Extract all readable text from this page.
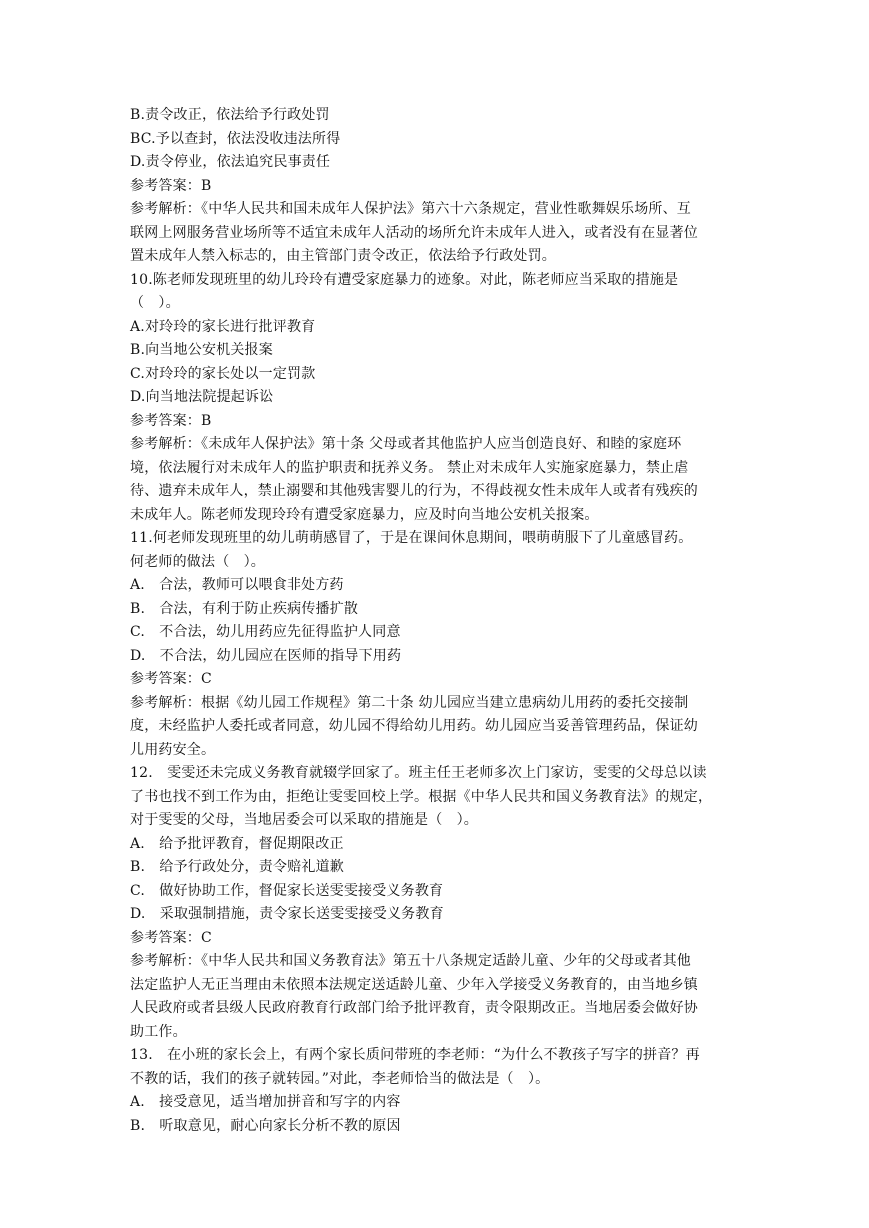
B.责令改正，依法给予行政处罚
BC.予以查封，依法没收违法所得
D.责令停业，依法追究民事责任
参考答案：B
参考解析：《中华人民共和国未成年人保护法》第六十六条规定，营业性歌舞娱乐场所、互
联网上网服务营业场所等不适宜未成年人活动的场所允许未成年人进入，或者没有在显著位
置未成年人禁入标志的，由主管部门责令改正，依法给予行政处罚。
10.陈老师发现班里的幼儿玲玲有遭受家庭暴力的迹象。对此，陈老师应当采取的措施是
（　）。
A.对玲玲的家长进行批评教育
B.向当地公安机关报案
C.对玲玲的家长处以一定罚款
D.向当地法院提起诉讼
参考答案：B
参考解析：《未成年人保护法》第十条 父母或者其他监护人应当创造良好、和睦的家庭环
境，依法履行对未成年人的监护职责和抚养义务。 禁止对未成年人实施家庭暴力，禁止虐
待、遗弃未成年人，禁止溺婴和其他残害婴儿的行为，不得歧视女性未成年人或者有残疾的
未成年人。陈老师发现玲玲有遭受家庭暴力，应及时向当地公安机关报案。
11.何老师发现班里的幼儿萌萌感冒了，于是在课间休息期间，喂萌萌服下了儿童感冒药。
何老师的做法（　）。
A.　合法，教师可以喂食非处方药
B.　合法，有利于防止疾病传播扩散
C.　不合法，幼儿用药应先征得监护人同意
D.　不合法，幼儿园应在医师的指导下用药
参考答案：C
参考解析：根据《幼儿园工作规程》第二十条 幼儿园应当建立患病幼儿用药的委托交接制
度，未经监护人委托或者同意，幼儿园不得给幼儿用药。幼儿园应当妥善管理药品，保证幼
儿用药安全。
12.　雯雯还未完成义务教育就辍学回家了。班主任王老师多次上门家访，雯雯的父母总以读
了书也找不到工作为由，拒绝让雯雯回校上学。根据《中华人民共和国义务教育法》的规定，
对于雯雯的父母，当地居委会可以采取的措施是（　）。
A.　给予批评教育，督促期限改正
B.　给予行政处分，责令赔礼道歉
C.　做好协助工作，督促家长送雯雯接受义务教育
D.　采取强制措施，责令家长送雯雯接受义务教育
参考答案：C
参考解析：《中华人民共和国义务教育法》第五十八条规定适龄儿童、少年的父母或者其他
法定监护人无正当理由未依照本法规定送适龄儿童、少年入学接受义务教育的，由当地乡镇
人民政府或者县级人民政府教育行政部门给予批评教育，责令限期改正。当地居委会做好协
助工作。
13.　在小班的家长会上，有两个家长质问带班的李老师：“为什么不教孩子写字的拼音？再
不教的话，我们的孩子就转园。”对此，李老师恰当的做法是（　）。
A.　接受意见，适当增加拼音和写字的内容
B.　听取意见，耐心向家长分析不教的原因
